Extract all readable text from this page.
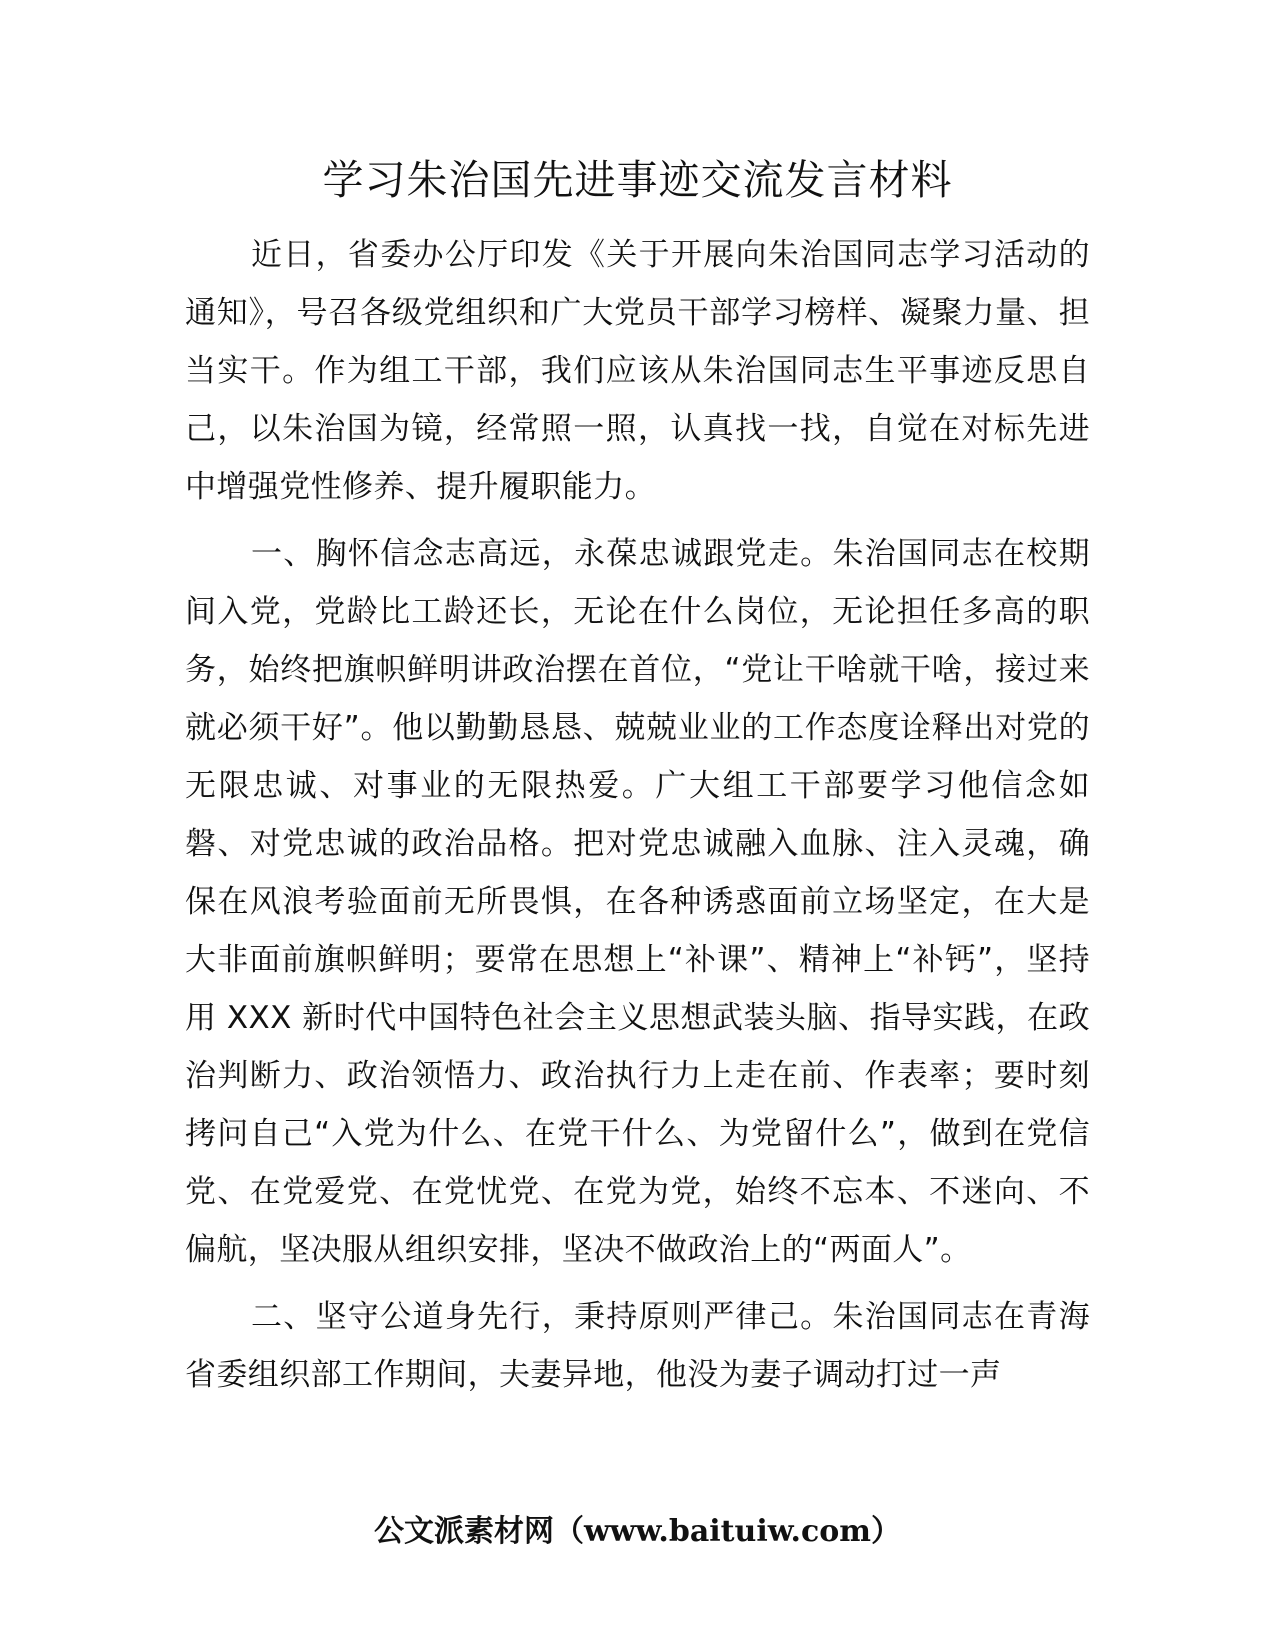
学习朱治国先进事迹交流发言材料

近日，省委办公厅印发《关于开展向朱治国同志学习活动的通知》，号召各级党组织和广大党员干部学习榜样、凝聚力量、担当实干。作为组工干部，我们应该从朱治国同志生平事迹反思自己，以朱治国为镜，经常照一照，认真找一找，自觉在对标先进中增强党性修养、提升履职能力。

一、胸怀信念志高远，永葆忠诚跟党走。朱治国同志在校期间入党，党龄比工龄还长，无论在什么岗位，无论担任多高的职务，始终把旗帜鲜明讲政治摆在首位，“党让干啥就干啥，接过来就必须干好”。他以勤勤恳恳、兢兢业业的工作态度诠释出对党的无限忠诚、对事业的无限热爱。广大组工干部要学习他信念如磐、对党忠诚的政治品格。把对党忠诚融入血脉、注入灵魂，确保在风浪考验面前无所畏惧，在各种诱惑面前立场坚定，在大是大非面前旗帜鲜明；要常在思想上“补课”、精神上“补钙”，坚持用 XXX 新时代中国特色社会主义思想武装头脑、指导实践，在政治判断力、政治领悟力、政治执行力上走在前、作表率；要时刻拷问自己“入党为什么、在党干什么、为党留什么”，做到在党信党、在党爱党、在党忧党、在党为党，始终不忘本、不迷向、不偏航，坚决服从组织安排，坚决不做政治上的“两面人”。

二、坚守公道身先行，秉持原则严律己。朱治国同志在青海省委组织部工作期间，夫妻异地，他没为妻子调动打过一声

公文派素材网（www.baituiw.com）
